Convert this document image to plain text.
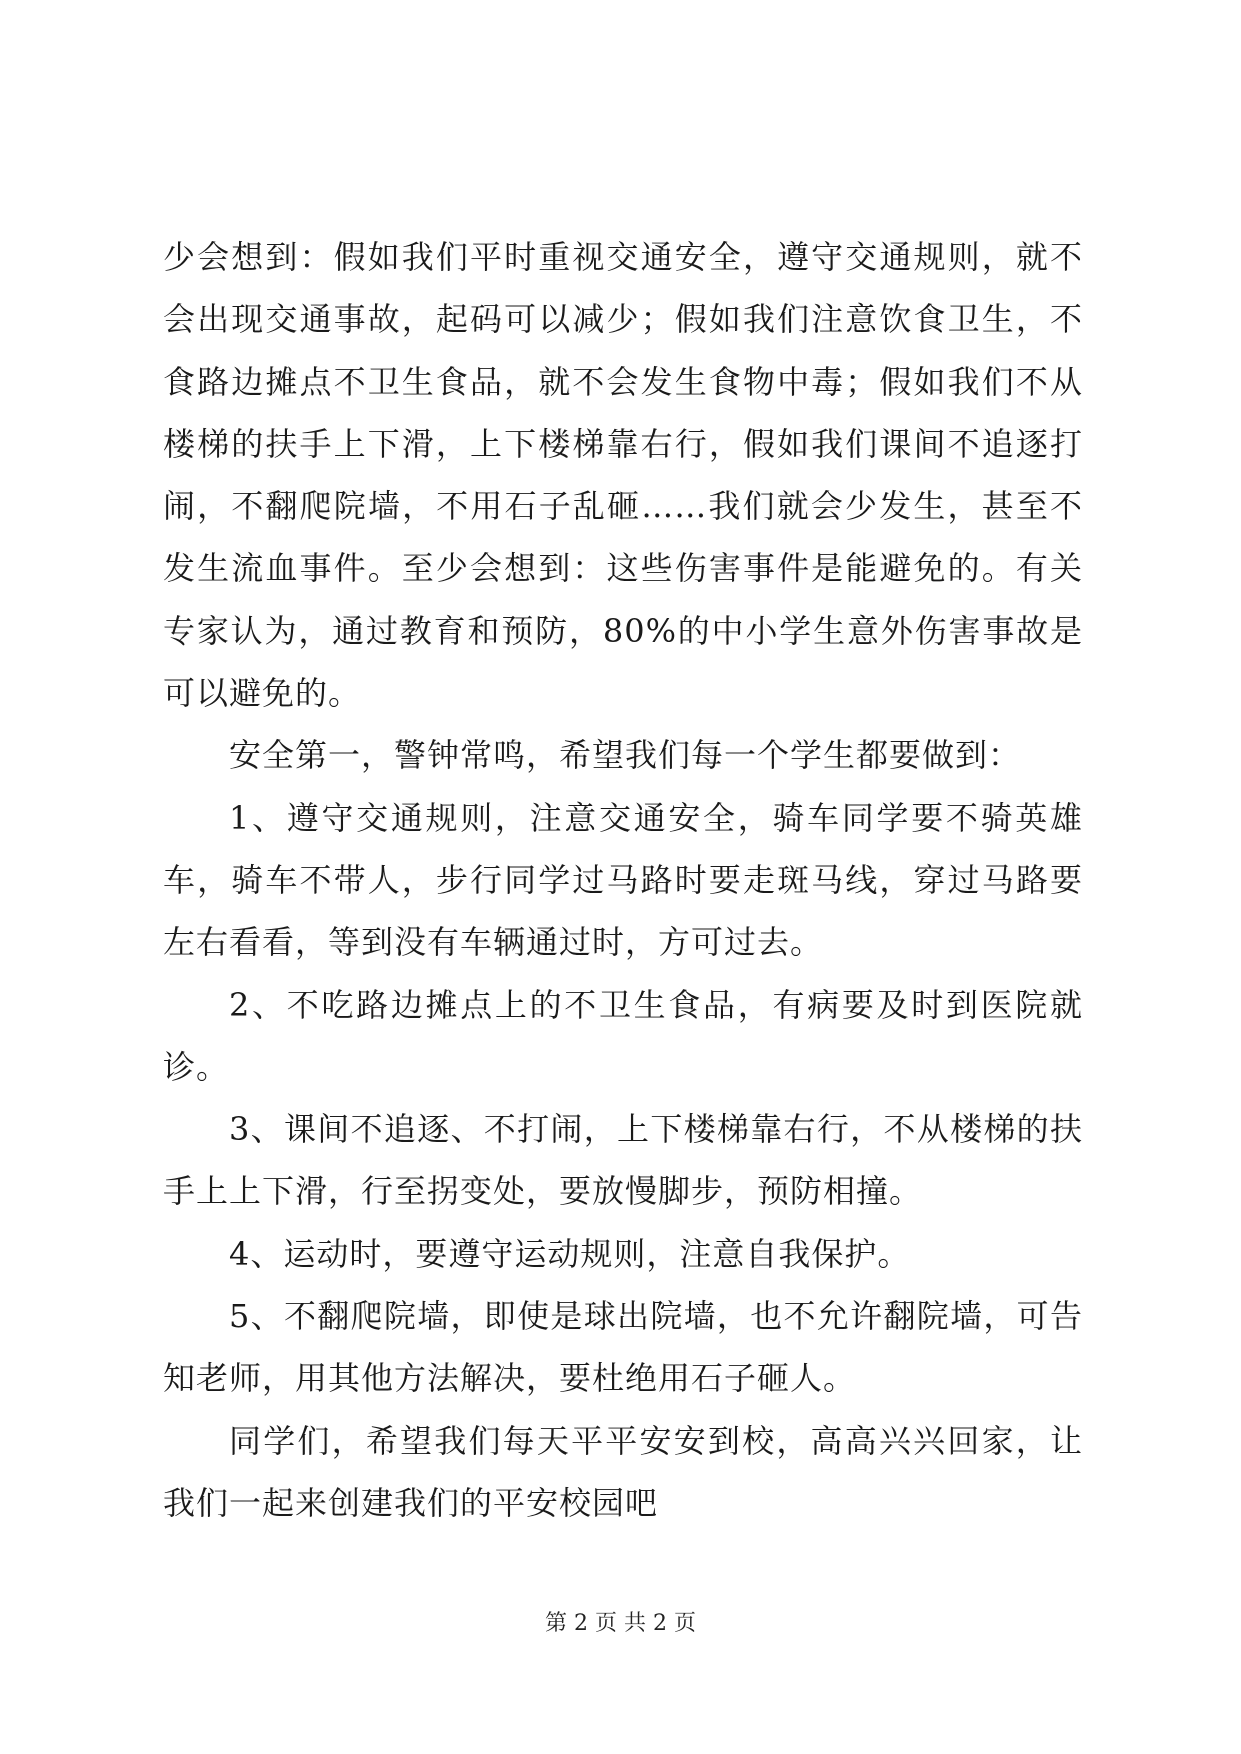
少会想到：假如我们平时重视交通安全，遵守交通规则，就不会出现交通事故，起码可以减少；假如我们注意饮食卫生，不食路边摊点不卫生食品，就不会发生食物中毒；假如我们不从楼梯的扶手上下滑，上下楼梯靠右行，假如我们课间不追逐打闹，不翻爬院墙，不用石子乱砸……我们就会少发生，甚至不发生流血事件。至少会想到：这些伤害事件是能避免的。有关专家认为，通过教育和预防，80%的中小学生意外伤害事故是可以避免的。

安全第一，警钟常鸣，希望我们每一个学生都要做到：

1、遵守交通规则，注意交通安全，骑车同学要不骑英雄车，骑车不带人，步行同学过马路时要走斑马线，穿过马路要左右看看，等到没有车辆通过时，方可过去。

2、不吃路边摊点上的不卫生食品，有病要及时到医院就诊。

3、课间不追逐、不打闹，上下楼梯靠右行，不从楼梯的扶手上上下滑，行至拐变处，要放慢脚步，预防相撞。

4、运动时，要遵守运动规则，注意自我保护。

5、不翻爬院墙，即使是球出院墙，也不允许翻院墙，可告知老师，用其他方法解决，要杜绝用石子砸人。

同学们，希望我们每天平平安安到校，高高兴兴回家，让我们一起来创建我们的平安校园吧

第 2 页 共 2 页
